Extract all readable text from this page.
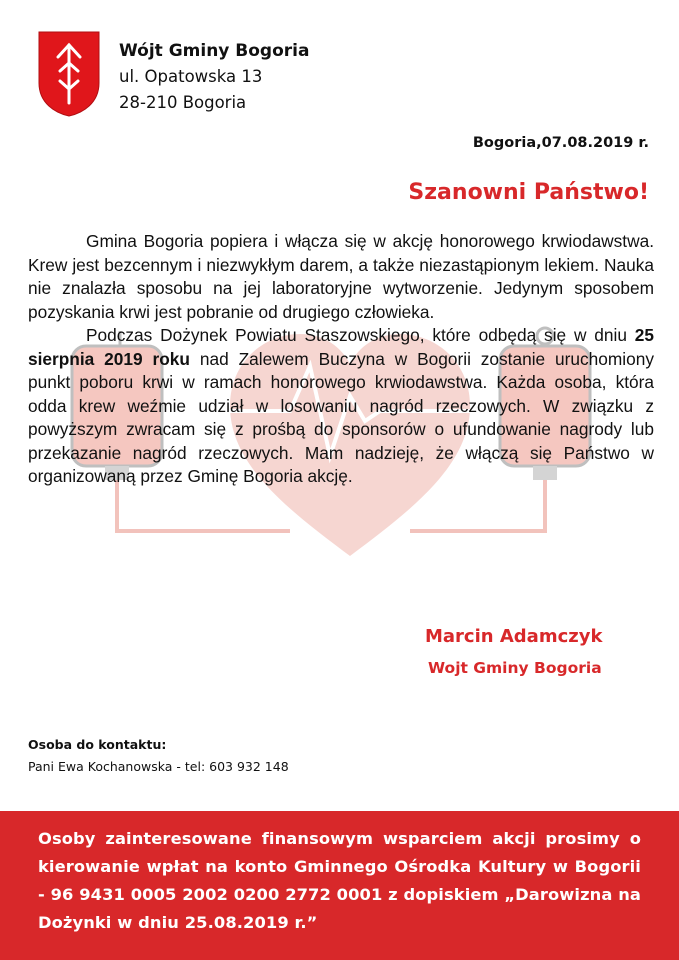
Wójt Gminy Bogoria
ul. Opatowska 13
28-210 Bogoria
Bogoria,07.08.2019 r.
Szanowni Państwo!

Gmina Bogoria popiera i włącza się w akcję honorowego krwiodawstwa. Krew jest bezcennym i niezwykłym darem, a także niezastąpionym lekiem. Nauka nie znalazła sposobu na jej laboratoryjne wytworzenie. Jedynym sposobem pozyskania krwi jest pobranie od drugiego człowieka.

Podczas Dożynek Powiatu Staszowskiego, które odbędą się w dniu 25 sierpnia 2019 roku nad Zalewem Buczyna w Bogorii zostanie uruchomiony punkt poboru krwi w ramach honorowego krwiodawstwa. Każda osoba, która odda krew weźmie udział w losowaniu nagród rzeczowych. W związku z powyższym zwracam się z prośbą do sponsorów o ufundowanie nagrody lub przekazanie nagród rzeczowych. Mam nadzieję, że włączą się Państwo w organizowaną przez Gminę Bogoria akcję.

Marcin Adamczyk
Wojt Gminy Bogoria
Osoba do kontaktu:
Pani Ewa Kochanowska - tel: 603 932 148
Osoby zainteresowane finansowym wsparciem akcji prosimy o kierowanie wpłat na konto Gminnego Ośrodka Kultury w Bogorii - 96 9431 0005 2002 0200 2772 0001 z dopiskiem „Darowizna na Dożynki w dniu 25.08.2019 r.”
